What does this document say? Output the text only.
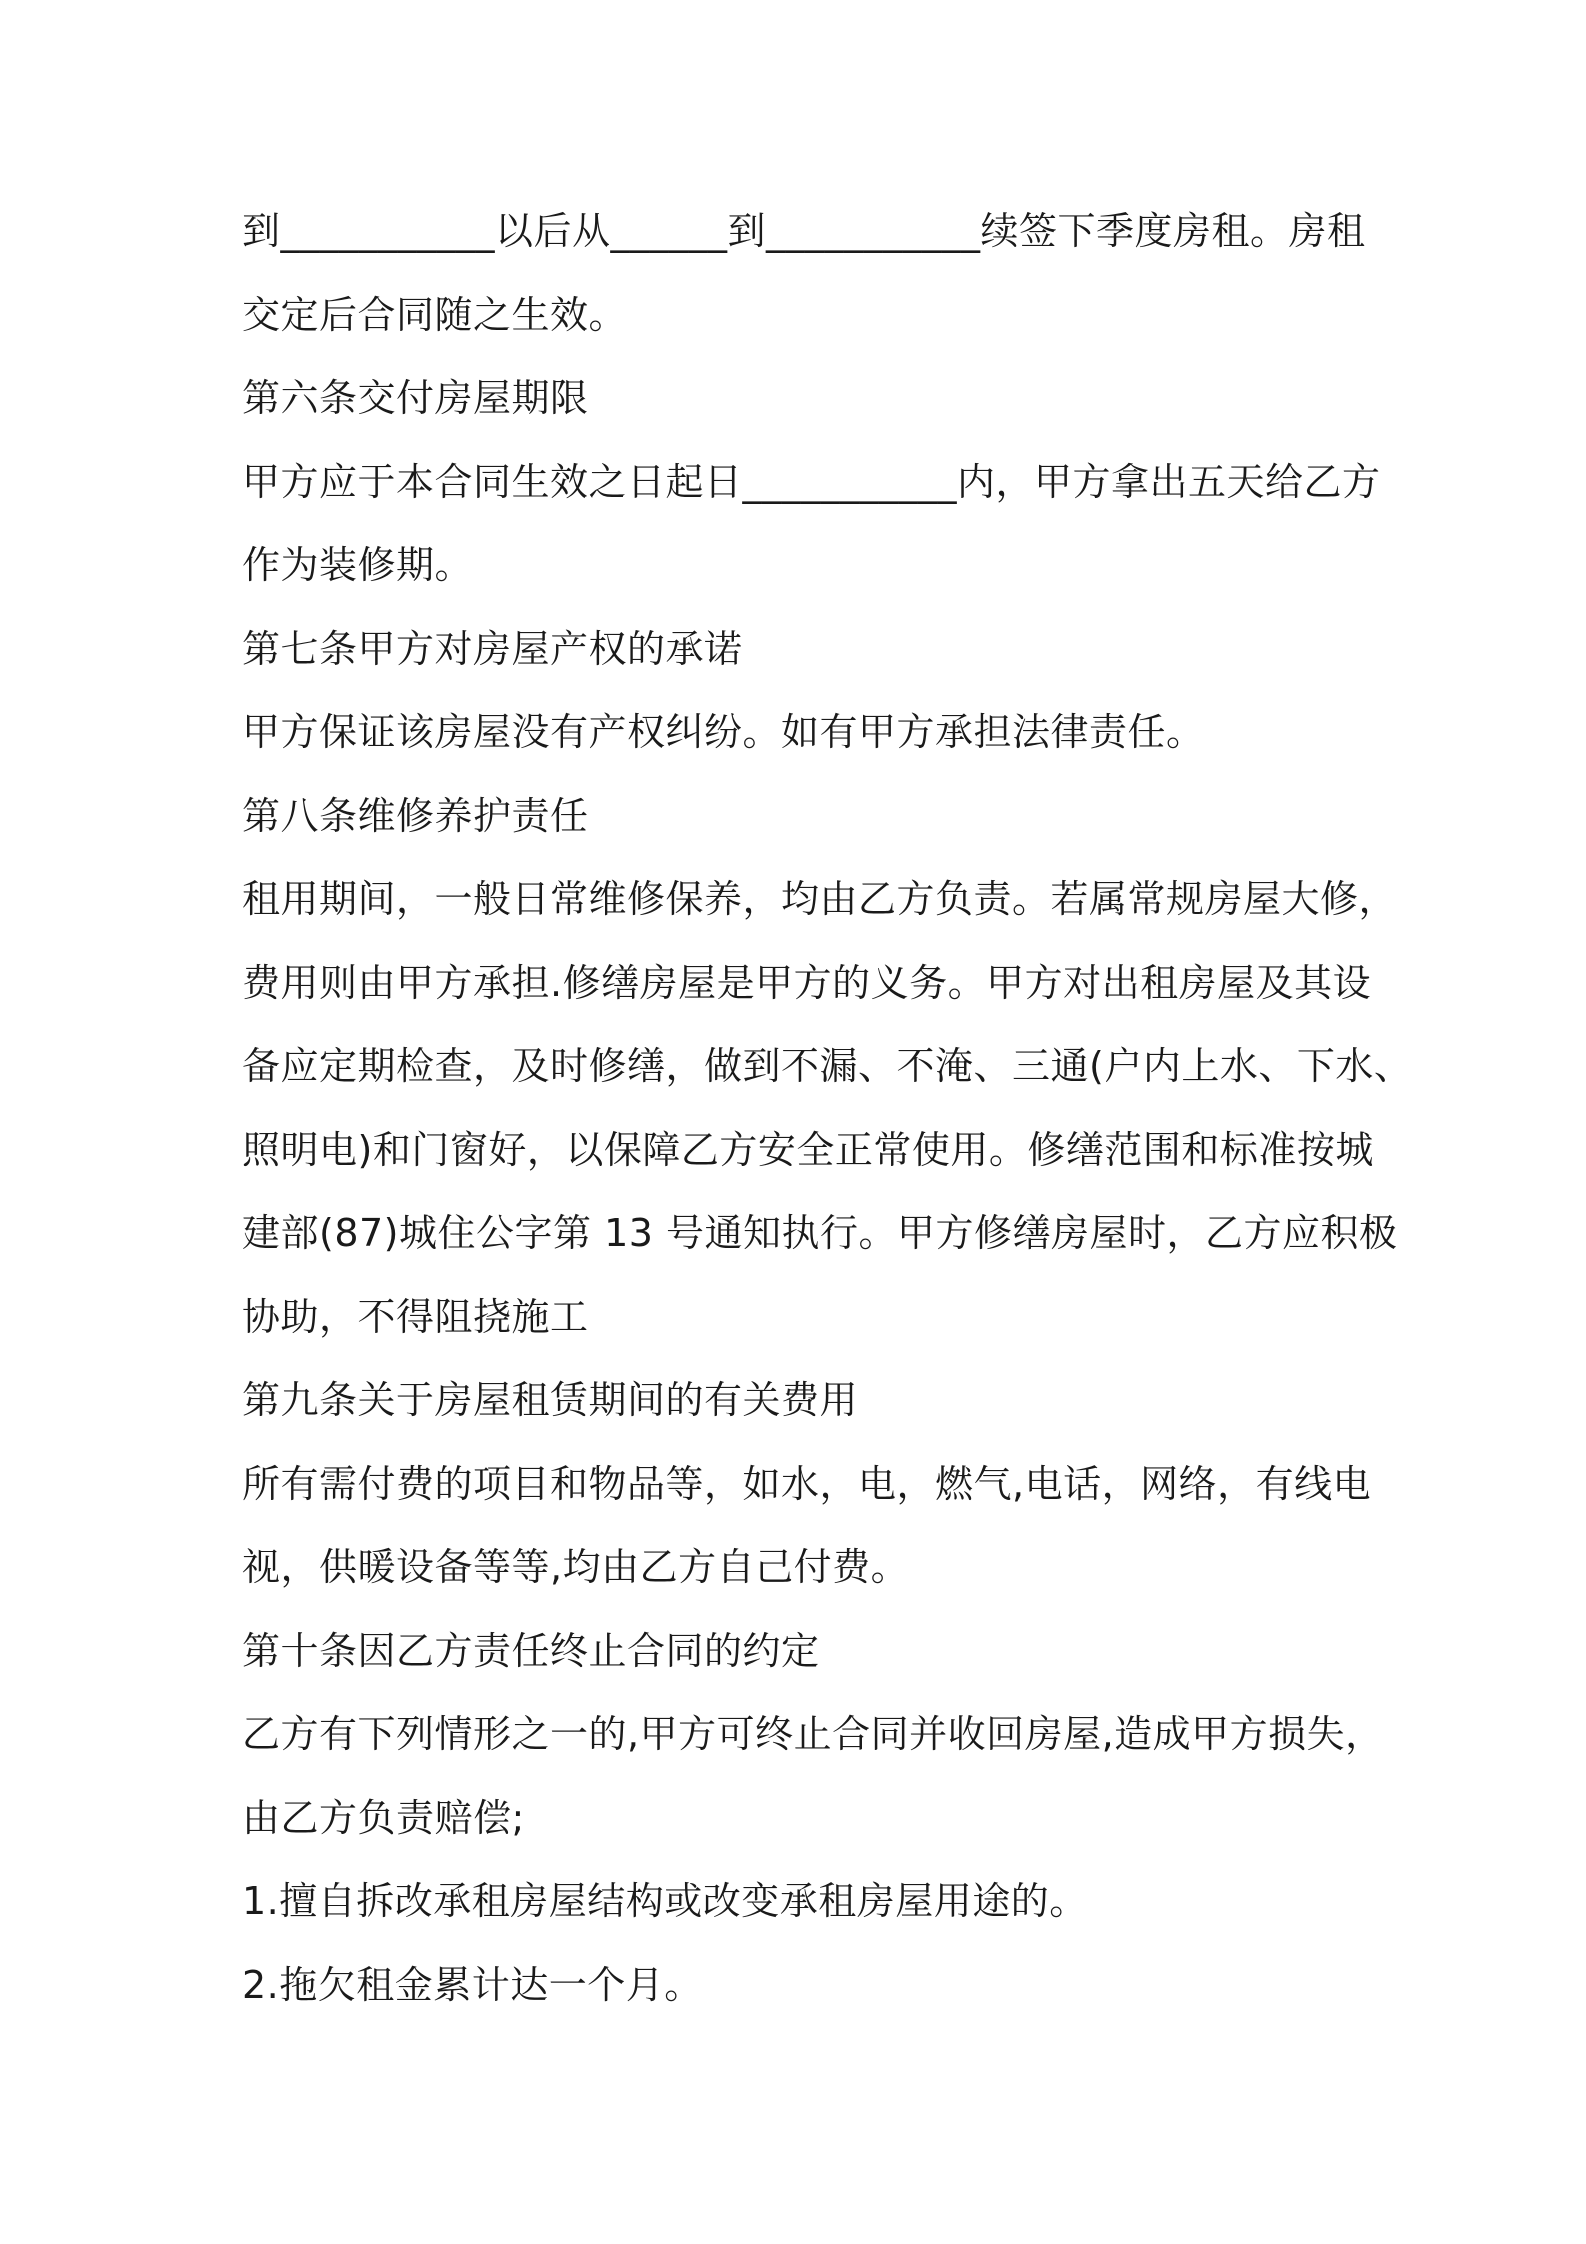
到___________以后从______到___________续签下季度房租。房租
交定后合同随之生效。
第六条交付房屋期限
甲方应于本合同生效之日起日___________内，甲方拿出五天给乙方
作为装修期。
第七条甲方对房屋产权的承诺
甲方保证该房屋没有产权纠纷。如有甲方承担法律责任。
第八条维修养护责任
租用期间，一般日常维修保养，均由乙方负责。若属常规房屋大修，
费用则由甲方承担.修缮房屋是甲方的义务。甲方对出租房屋及其设
备应定期检查，及时修缮，做到不漏、不淹、三通(户内上水、下水、
照明电)和门窗好，以保障乙方安全正常使用。修缮范围和标准按城
建部(87)城住公字第 13 号通知执行。甲方修缮房屋时，乙方应积极
协助，不得阻挠施工
第九条关于房屋租赁期间的有关费用
所有需付费的项目和物品等，如水，电，燃气,电话，网络，有线电
视，供暖设备等等,均由乙方自己付费。
第十条因乙方责任终止合同的约定
乙方有下列情形之一的,甲方可终止合同并收回房屋,造成甲方损失，
由乙方负责赔偿;
1.擅自拆改承租房屋结构或改变承租房屋用途的。
2.拖欠租金累计达一个月。
